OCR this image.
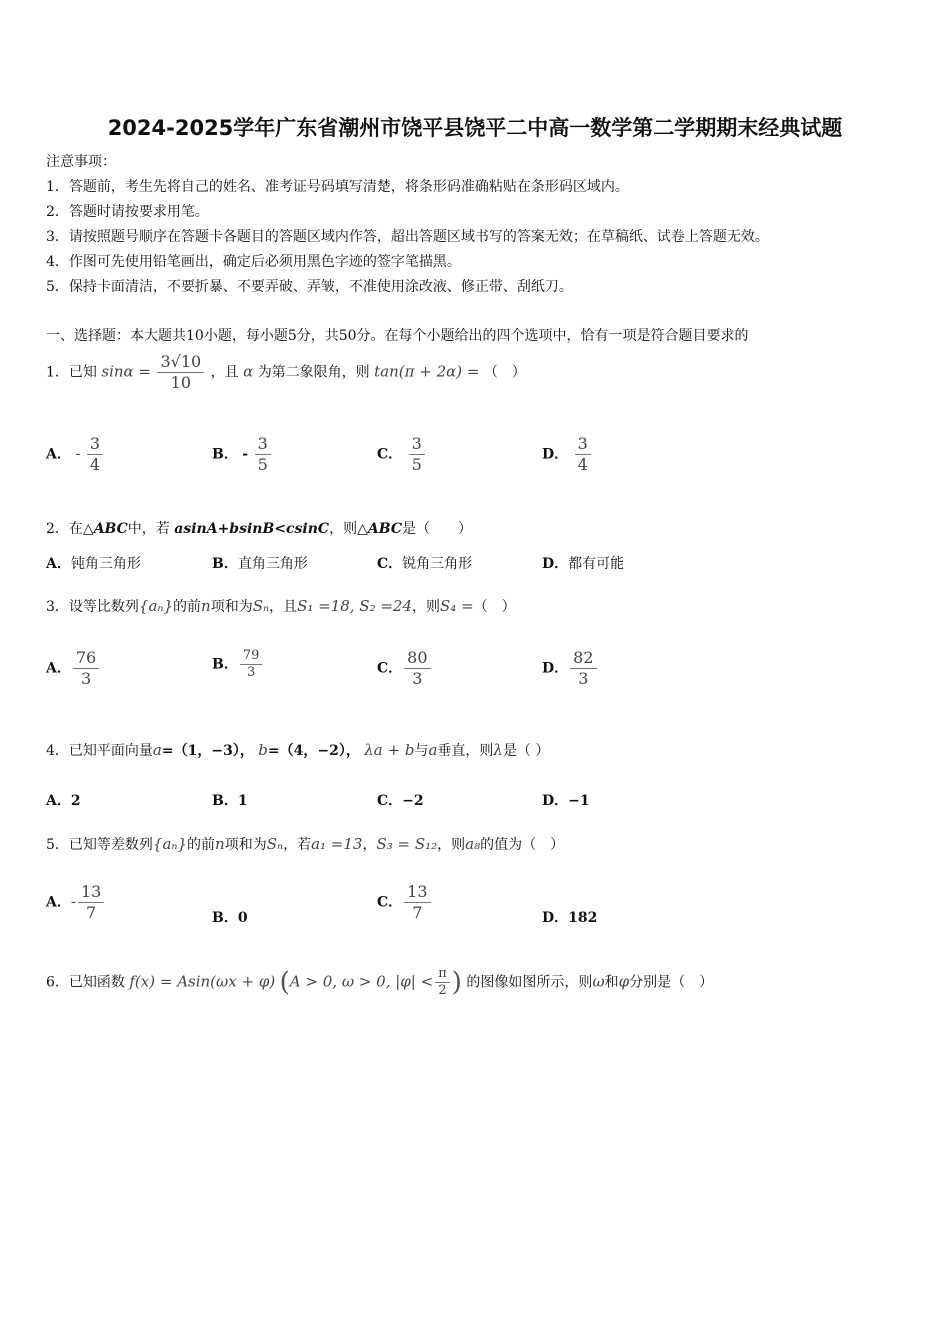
2024-2025学年广东省潮州市饶平县饶平二中高一数学第二学期期末经典试题
注意事项：
1．答题前，考生先将自己的姓名、准考证号码填写清楚，将条形码准确粘贴在条形码区域内。
2．答题时请按要求用笔。
3．请按照题号顺序在答题卡各题目的答题区域内作答，超出答题区域书写的答案无效；在草稿纸、试卷上答题无效。
4．作图可先使用铅笔画出，确定后必须用黑色字迹的签字笔描黑。
5．保持卡面清洁，不要折暴、不要弄破、弄皱，不准使用涂改液、修正带、刮纸刀。
一、选择题：本大题共10小题，每小题5分，共50分。在每个小题给出的四个选项中，恰有一项是符合题目要求的
1．已知 $\sin\alpha = \frac{3√10}{10}$ ，且 α 为第二象限角，则 tan(π + 2α) = （　）
A． - $\frac{3}{4}$	B． - $\frac{3}{5}$	C． $\frac{3}{5}$	D． $\frac{3}{4}$
2．在△ABC中，若 asinA+bsinB<csinC，则△ABC是（　　）
A．钝角三角形	B．直角三角形	C．锐角三角形	D．都有可能
3．设等比数列{aₙ}的前n项和为Sₙ，且S₁ =18, S₂ =24，则S₄ =（　）
A． $\frac{76}{3}$	B． $\frac{79}{3}$	C． $\frac{80}{3}$	D． $\frac{82}{3}$
4．已知平面向量a=（1，−3）， b=（4，−2）， λa + b与a垂直，则λ是（ ）
A．2	B．1	C．−2	D．−1
5．已知等差数列{aₙ}的前n项和为Sₙ，若a₁ =13，S₃ = S₁₂，则a₈的值为（　）
A．- $\frac{13}{7}$	B．0
C． $\frac{13}{7}$	D．182
6．已知函数 f(x) = Asin(ωx + φ) (A > 0, ω > 0, $|\varphi| < \frac{\pi}{2}$ ) 的图像如图所示，则ω和φ分别是（　）
